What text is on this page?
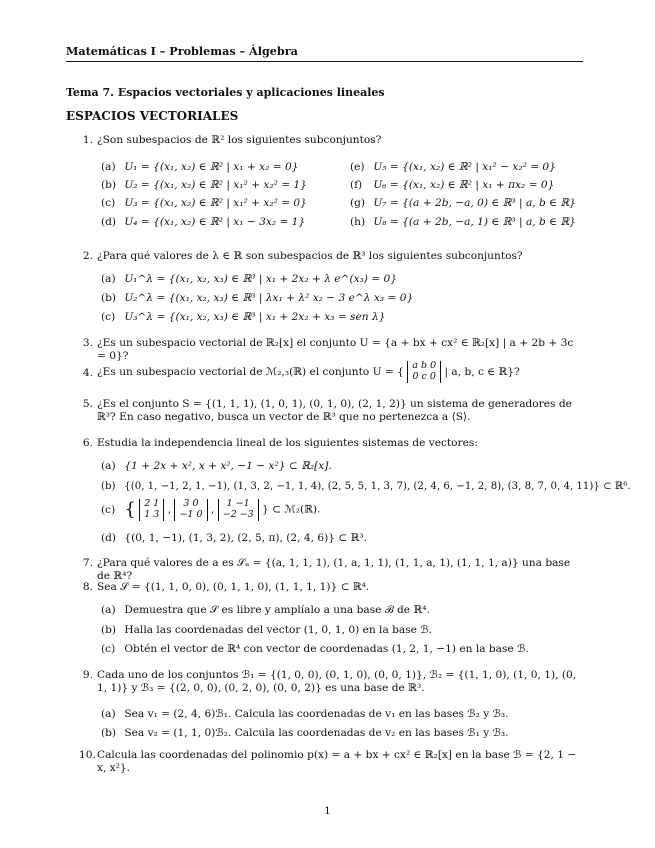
Matemáticas I – Problemas – Álgebra
Tema 7. Espacios vectoriales y aplicaciones lineales
ESPACIOS VECTORIALES
1. ¿Son subespacios de ℝ² los siguientes subconjuntos?
(a) U₁ = {(x₁, x₂) ∈ ℝ² | x₁ + x₂ = 0}
(b) U₂ = {(x₁, x₂) ∈ ℝ² | x₁² + x₂² = 1}
(c) U₃ = {(x₁, x₂) ∈ ℝ² | x₁² + x₂² = 0}
(d) U₄ = {(x₁, x₂) ∈ ℝ² | x₁ − 3x₂ = 1}
(e) U₅ = {(x₁, x₂) ∈ ℝ² | x₁² − x₂² = 0}
(f) U₆ = {(x₁, x₂) ∈ ℝ² | x₁ + πx₂ = 0}
(g) U₇ = {(a + 2b, −a, 0) ∈ ℝ³ | a, b ∈ ℝ}
(h) U₈ = {(a + 2b, −a, 1) ∈ ℝ³ | a, b ∈ ℝ}
2. ¿Para qué valores de λ ∈ ℝ son subespacios de ℝ³ los siguientes subconjuntos?
(a) U₁^λ = {(x₁, x₂, x₃) ∈ ℝ³ | x₁ + 2x₂ + λ e^(x₃) = 0}
(b) U₂^λ = {(x₁, x₂, x₃) ∈ ℝ³ | λx₁ + λ² x₂ − 3 e^λ x₃ = 0}
(c) U₃^λ = {(x₁, x₂, x₃) ∈ ℝ³ | x₁ + 2x₂ + x₃ = sen λ}
3. ¿Es un subespacio vectorial de ℝ₂[x] el conjunto U = {a + bx + cx² ∈ ℝ₂[x] | a + 2b + 3c = 0}?
4. ¿Es un subespacio vectorial de ℳ₂,₃(ℝ) el conjunto U = {
a b 0
0 c 0 | a, b, c ∈ ℝ}?
5. ¿Es el conjunto S = {(1, 1, 1), (1, 0, 1), (0, 1, 0), (2, 1, 2)} un sistema de generadores de ℝ³? En caso negativo, busca un vector de ℝ³ que no pertenezca a ⟨S⟩.
6. Estudia la independencia lineal de los siguientes sistemas de vectores:
(a) {1 + 2x + x², x + x², −1 − x²} ⊂ ℝ₂[x].
(b) {(0, 1, −1, 2, 1, −1), (1, 3, 2, −1, 1, 4), (2, 5, 5, 1, 3, 7), (2, 4, 6, −1, 2, 8), (3, 8, 7, 0, 4, 11)} ⊂ ℝ⁶.
(c) { 2 1
1 3 ,	3 0
−1 0 ,	1 −1
−2 −3 } ⊂ ℳ₂(ℝ).
(d) {(0, 1, −1), (1, 3, 2), (2, 5, π), (2, 4, 6)} ⊂ ℝ³.
7. ¿Para qué valores de a es 𝒮ₐ = {(a, 1, 1, 1), (1, a, 1, 1), (1, 1, a, 1), (1, 1, 1, a)} una base de ℝ⁴?
8. Sea 𝒮 = {(1, 1, 0, 0), (0, 1, 1, 0), (1, 1, 1, 1)} ⊂ ℝ⁴.
(a) Demuestra que 𝒮 es libre y amplíalo a una base ℬ de ℝ⁴.
(b) Halla las coordenadas del vector (1, 0, 1, 0) en la base ℬ.
(c) Obtén el vector de ℝ⁴ con vector de coordenadas (1, 2, 1, −1) en la base ℬ.
9. Cada uno de los conjuntos ℬ₁ = {(1, 0, 0), (0, 1, 0), (0, 0, 1)}, ℬ₂ = {(1, 1, 0), (1, 0, 1), (0, 1, 1)} y ℬ₃ = {(2, 0, 0), (0, 2, 0), (0, 0, 2)} es una base de ℝ³.
(a) Sea v₁ = (2, 4, 6)ℬ₁. Calcula las coordenadas de v₁ en las bases ℬ₂ y ℬ₃.
(b) Sea v₂ = (1, 1, 0)ℬ₂. Calcula las coordenadas de v₂ en las bases ℬ₁ y ℬ₃.
10. Calcula las coordenadas del polinomio p(x) = a + bx + cx² ∈ ℝ₂[x] en la base ℬ = {2, 1 − x, x²}.
1
